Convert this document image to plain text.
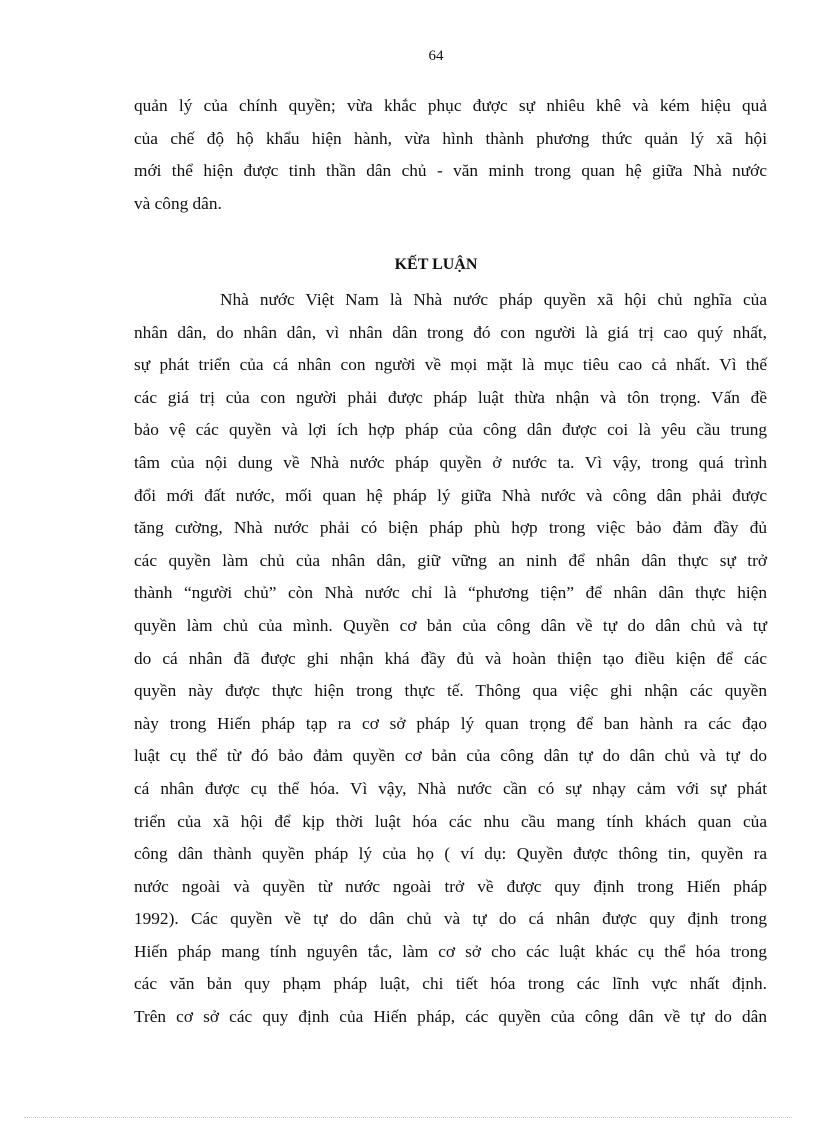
64
quản lý của chính quyền; vừa khắc phục được sự nhiêu khê và kém hiệu quả
của chế độ hộ khẩu hiện hành, vừa hình thành phương thức quản lý xã hội
mới thể hiện được tinh thần dân chủ - văn minh trong quan hệ giữa Nhà nước
và công dân.
KẾT LUẬN
Nhà nước Việt Nam là Nhà nước pháp quyền xã hội chủ nghĩa của
nhân dân, do nhân dân, vì nhân dân trong đó con người là giá trị cao quý nhất,
sự phát triển của cá nhân con người về mọi mặt là mục tiêu cao cả nhất. Vì thế
các giá trị của con người phải được pháp luật thừa nhận và tôn trọng. Vấn đề
bảo vệ các quyền và lợi ích hợp pháp của công dân được coi là yêu cầu trung
tâm của nội dung về Nhà nước pháp quyền ở nước ta. Vì vậy, trong quá trình
đổi mới đất nước, mối quan hệ pháp lý giữa Nhà nước và công dân phải được
tăng cường, Nhà nước phải có biện pháp phù hợp trong việc bảo đảm đầy đủ
các quyền làm chủ của nhân dân, giữ vững an ninh để nhân dân thực sự trở
thành “người chủ” còn Nhà nước chỉ là “phương tiện” để nhân dân thực hiện
quyền làm chủ của mình. Quyền cơ bản của công dân về tự do dân chủ và tự
do cá nhân đã được ghi nhận khá đầy đủ và hoàn thiện tạo điều kiện để các
quyền này được thực hiện trong thực tế. Thông qua việc ghi nhận các quyền
này trong Hiến pháp tạp ra cơ sở pháp lý quan trọng để ban hành ra các đạo
luật cụ thể từ đó bảo đảm quyền cơ bản của công dân tự do dân chủ và tự do
cá nhân được cụ thể hóa. Vì vậy, Nhà nước cần có sự nhạy cảm với sự phát
triển của xã hội để kịp thời luật hóa các nhu cầu mang tính khách quan của
công dân thành quyền pháp lý của họ ( ví dụ: Quyền được thông tin, quyền ra
nước ngoài và quyền từ nước ngoài trở về được quy định trong Hiến pháp
1992). Các quyền về tự do dân chủ và tự do cá nhân được quy định trong
Hiến pháp mang tính nguyên tắc, làm cơ sở cho các luật khác cụ thể hóa trong
các văn bản quy phạm pháp luật, chi tiết hóa trong các lĩnh vực nhất định.
Trên cơ sở các quy định của Hiến pháp, các quyền của công dân về tự do dân
